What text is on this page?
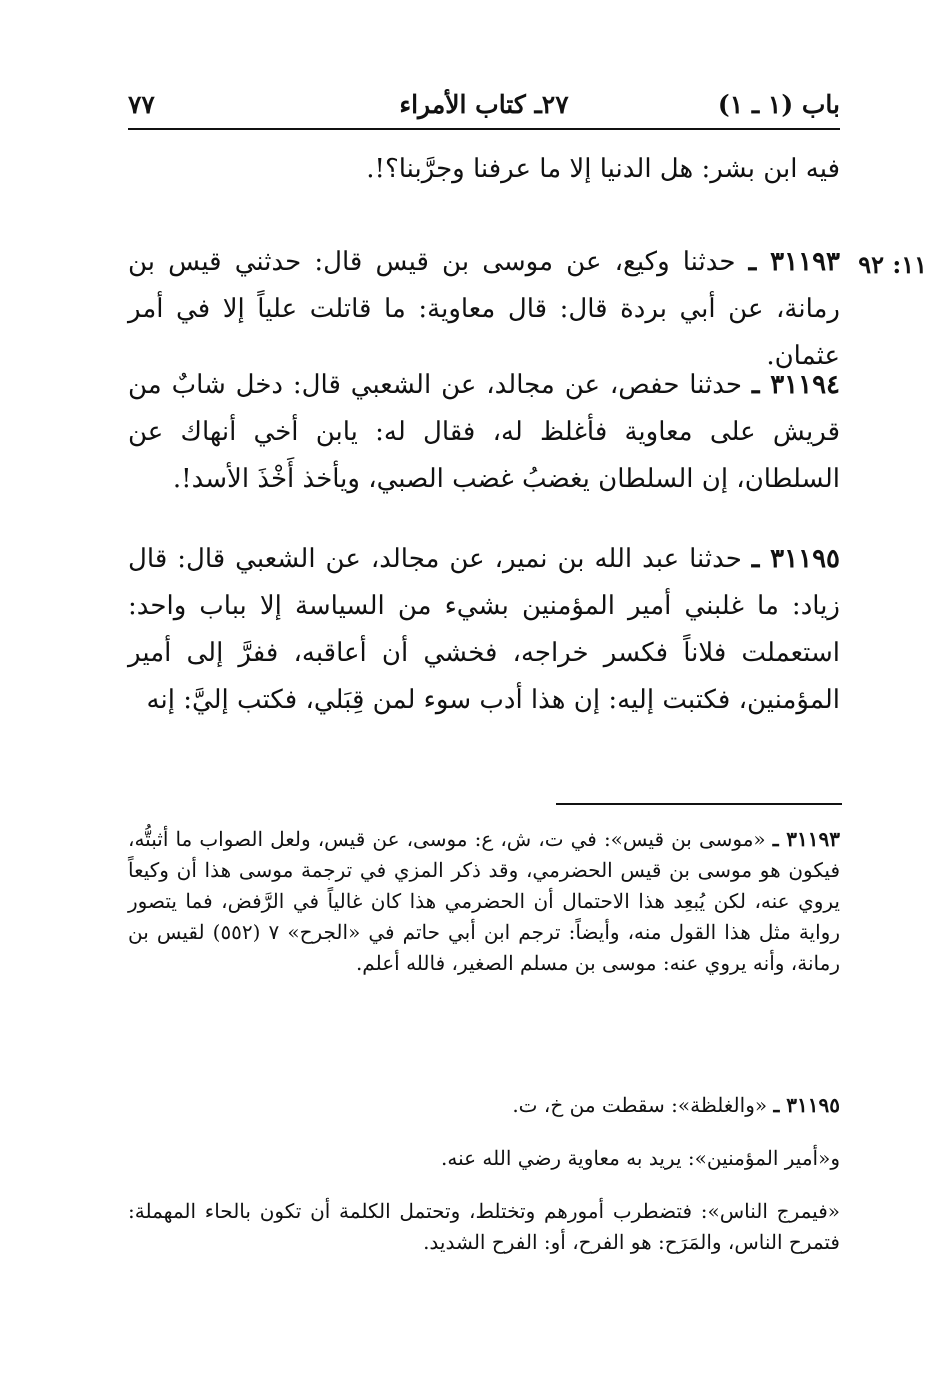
باب (١ ـ ١)
٢٧ـ كتاب الأمراء
٧٧
١١: ٩٢

فيه ابن بشر: هل الدنيا إلا ما عرفنا وجرَّبنا؟!.

٣١١٩٣ ـ حدثنا وكيع، عن موسى بن قيس قال: حدثني قيس بن رمانة، عن أبي بردة قال: قال معاوية: ما قاتلت علياً إلا في أمر عثمان.

٣١١٩٤ ـ حدثنا حفص، عن مجالد، عن الشعبي قال: دخل شابٌ من قريش على معاوية فأغلظ له، فقال له: يابن أخي أنهاك عن السلطان، إن السلطان يغضبُ غضب الصبي، ويأخذ أَخْذَ الأسد!.

٣١١٩٥ ـ حدثنا عبد الله بن نمير، عن مجالد، عن الشعبي قال: قال زياد: ما غلبني أمير المؤمنين بشيء من السياسة إلا بباب واحد: استعملت فلاناً فكسر خراجه، فخشي أن أعاقبه، ففرَّ إلى أمير المؤمنين، فكتبت إليه: إن هذا أدب سوء لمن قِبَلي، فكتب إليَّ: إنه

٣١١٩٣ ـ «موسى بن قيس»: في ت، ش، ع: موسى، عن قيس، ولعل الصواب ما أثبتُّه، فيكون هو موسى بن قيس الحضرمي، وقد ذكر المزي في ترجمة موسى هذا أن وكيعاً يروي عنه، لكن يُبعِد هذا الاحتمال أن الحضرمي هذا كان غالياً في الرَّفض، فما يتصور رواية مثل هذا القول منه، وأيضاً: ترجم ابن أبي حاتم في «الجرح» ٧ (٥٥٢) لقيس بن رمانة، وأنه يروي عنه: موسى بن مسلم الصغير، فالله أعلم.

٣١١٩٥ ـ «والغلظة»: سقطت من خ، ت.

و«أمير المؤمنين»: يريد به معاوية رضي الله عنه.

«فيمرج الناس»: فتضطرب أمورهم وتختلط، وتحتمل الكلمة أن تكون بالحاء المهملة: فتمرح الناس، والمَرَح: هو الفرح، أو: الفرح الشديد.
